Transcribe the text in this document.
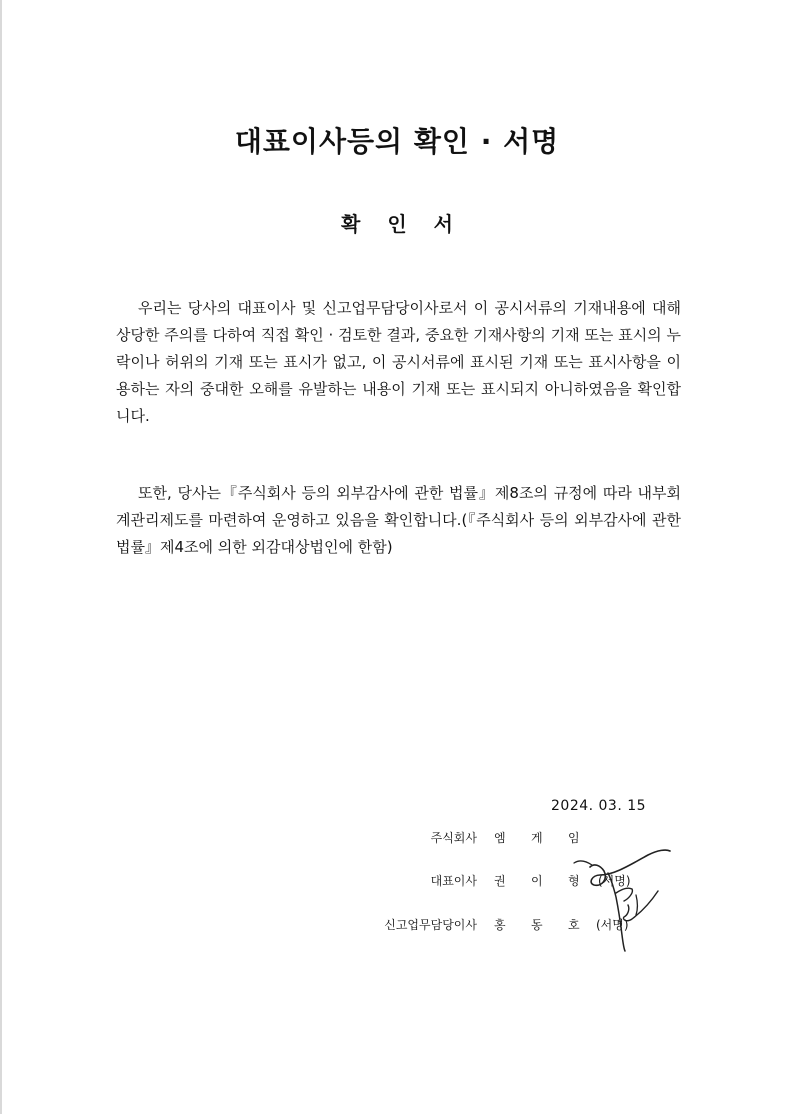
대표이사등의 확인 · 서명
확 인 서
우리는 당사의 대표이사 및 신고업무담당이사로서 이 공시서류의 기재내용에 대해 상당한 주의를 다하여 직접 확인 · 검토한 결과, 중요한 기재사항의 기재 또는 표시의 누락이나 허위의 기재 또는 표시가 없고, 이 공시서류에 표시된 기재 또는 표시사항을 이용하는 자의 중대한 오해를 유발하는 내용이 기재 또는 표시되지 아니하였음을 확인합니다.
또한, 당사는『주식회사 등의 외부감사에 관한 법률』제8조의 규정에 따라 내부회계관리제도를 마련하여 운영하고 있음을 확인합니다.(『주식회사 등의 외부감사에 관한 법률』제4조에 의한 외감대상법인에 한함)
2024. 03. 15
주식회사 엠 게 임
대표이사 권 이 형	(서명)
신고업무담당이사 홍 동 호	(서명)
